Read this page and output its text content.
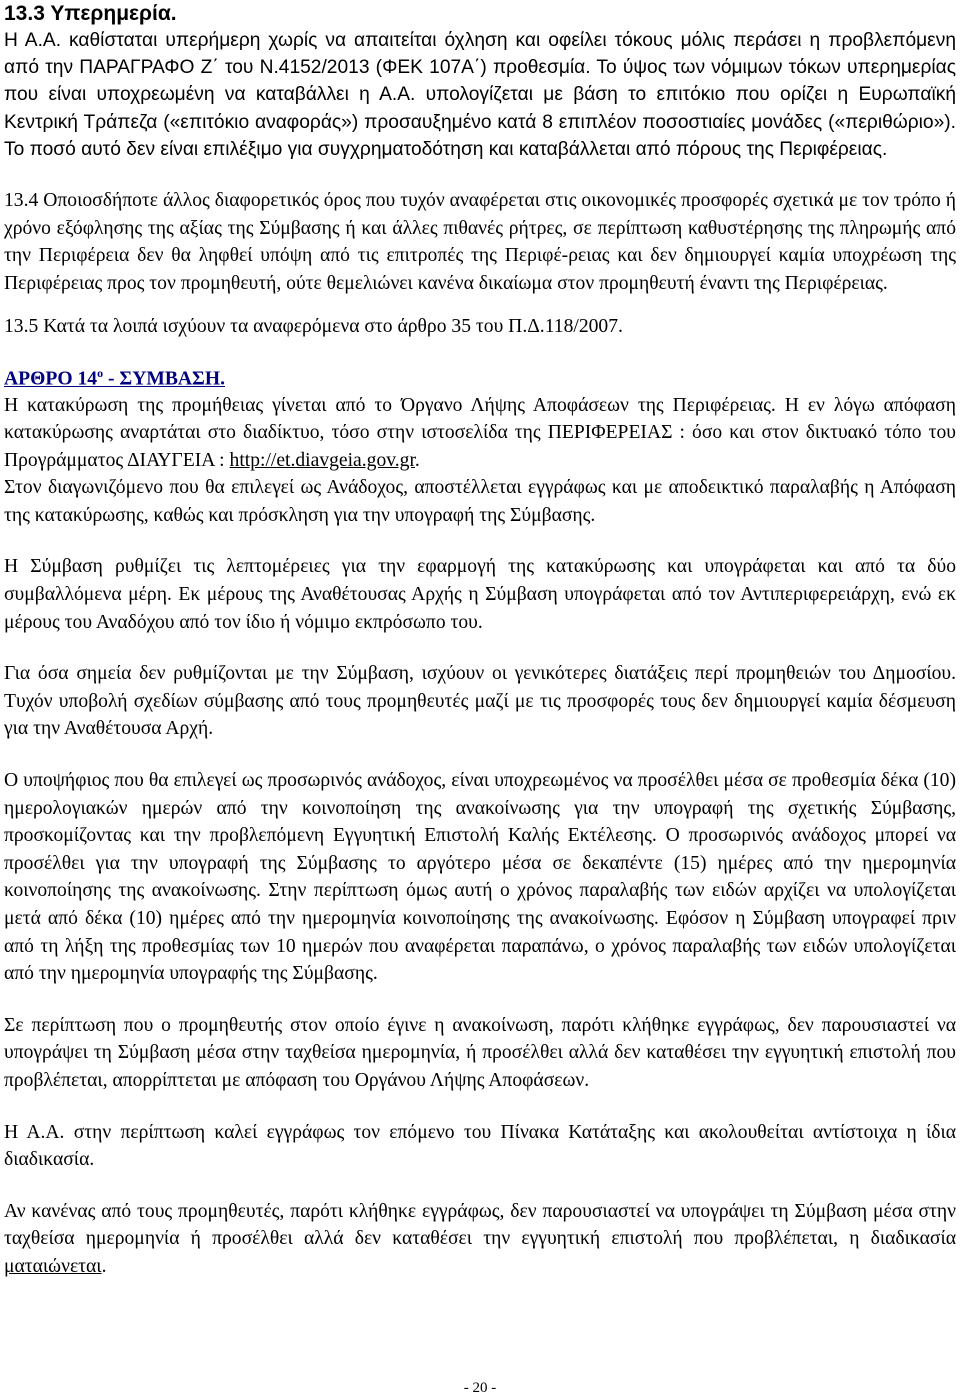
13.3 Υπερημερία.

Η Α.Α. καθίσταται υπερήμερη χωρίς να απαιτείται όχληση και οφείλει τόκους μόλις περάσει η προβλεπόμενη από την ΠΑΡΑΓΡΑΦΟ Ζ΄ του Ν.4152/2013 (ΦΕΚ 107Α΄) προθεσμία. Το ύψος των νόμιμων τόκων υπερημερίας που είναι υποχρεωμένη να καταβάλλει η Α.Α. υπολογίζεται με βάση το επιτόκιο που ορίζει η Ευρωπαϊκή Κεντρική Τράπεζα («επιτόκιο αναφοράς») προσαυξημένο κατά 8 επιπλέον ποσοστιαίες μονάδες («περιθώριο»). Το ποσό αυτό δεν είναι επιλέξιμο για συγχρηματοδότηση και καταβάλλεται από πόρους της Περιφέρειας.

13.4 Οποιοσδήποτε άλλος διαφορετικός όρος που τυχόν αναφέρεται στις οικονομικές προσφορές σχετικά με τον τρόπο ή χρόνο εξόφλησης της αξίας της Σύμβασης ή και άλλες πιθανές ρήτρες, σε περίπτωση καθυστέρησης της πληρωμής από την Περιφέρεια δεν θα ληφθεί υπόψη από τις επιτροπές της Περιφέ-ρειας και δεν δημιουργεί καμία υποχρέωση της Περιφέρειας προς τον προμηθευτή, ούτε θεμελιώνει κανένα δικαίωμα στον προμηθευτή έναντι της Περιφέρειας.

13.5 Κατά τα λοιπά ισχύουν τα αναφερόμενα στο άρθρο 35 του Π.Δ.118/2007.

ΑΡΘΡΟ $14^o$ - ΣΥΜΒΑΣΗ.

Η κατακύρωση της προμήθειας γίνεται από το Όργανο Λήψης Αποφάσεων της Περιφέρειας. Η εν λόγω απόφαση κατακύρωσης αναρτάται στο διαδίκτυο, τόσο στην ιστοσελίδα της ΠΕΡΙΦΕΡΕΙΑΣ : όσο και στον δικτυακό τόπο του Προγράμματος ΔΙΑΥΓΕΙΑ : http://et.diavgeia.gov.gr.

Στον διαγωνιζόμενο που θα επιλεγεί ως Ανάδοχος, αποστέλλεται εγγράφως και με αποδεικτικό παραλαβής η Απόφαση της κατακύρωσης, καθώς και πρόσκληση για την υπογραφή της Σύμβασης.

Η Σύμβαση ρυθμίζει τις λεπτομέρειες για την εφαρμογή της κατακύρωσης και υπογράφεται και από τα δύο συμβαλλόμενα μέρη. Εκ μέρους της Αναθέτουσας Αρχής η Σύμβαση υπογράφεται από τον Αντιπεριφερειάρχη, ενώ εκ μέρους του Αναδόχου από τον ίδιο ή νόμιμο εκπρόσωπο του.

Για όσα σημεία δεν ρυθμίζονται με την Σύμβαση, ισχύουν οι γενικότερες διατάξεις περί προμηθειών του Δημοσίου. Τυχόν υποβολή σχεδίων σύμβασης από τους προμηθευτές μαζί με τις προσφορές τους δεν δημιουργεί καμία δέσμευση για την Αναθέτουσα Αρχή.

Ο υποψήφιος που θα επιλεγεί ως προσωρινός ανάδοχος, είναι υποχρεωμένος να προσέλθει μέσα σε προθεσμία δέκα (10) ημερολογιακών ημερών από την κοινοποίηση της ανακοίνωσης για την υπογραφή της σχετικής Σύμβασης, προσκομίζοντας και την προβλεπόμενη Εγγυητική Επιστολή Καλής Εκτέλεσης. Ο προσωρινός ανάδοχος μπορεί να προσέλθει για την υπογραφή της Σύμβασης το αργότερο μέσα σε δεκαπέντε (15) ημέρες από την ημερομηνία κοινοποίησης της ανακοίνωσης. Στην περίπτωση όμως αυτή ο χρόνος παραλαβής των ειδών αρχίζει να υπολογίζεται μετά από δέκα (10) ημέρες από την ημερομηνία κοινοποίησης της ανακοίνωσης. Εφόσον η Σύμβαση υπογραφεί πριν από τη λήξη της προθεσμίας των 10 ημερών που αναφέρεται παραπάνω, ο χρόνος παραλαβής των ειδών υπολογίζεται από την ημερομηνία υπογραφής της Σύμβασης.

Σε περίπτωση που ο προμηθευτής στον οποίο έγινε η ανακοίνωση, παρότι κλήθηκε εγγράφως, δεν παρουσιαστεί να υπογράψει τη Σύμβαση μέσα στην ταχθείσα ημερομηνία, ή προσέλθει αλλά δεν καταθέσει την εγγυητική επιστολή που προβλέπεται, απορρίπτεται με απόφαση του Οργάνου Λήψης Αποφάσεων.

Η Α.Α. στην περίπτωση καλεί εγγράφως τον επόμενο του Πίνακα Κατάταξης και ακολουθείται αντίστοιχα η ίδια διαδικασία.

Αν κανένας από τους προμηθευτές, παρότι κλήθηκε εγγράφως, δεν παρουσιαστεί να υπογράψει τη Σύμβαση μέσα στην ταχθείσα ημερομηνία ή προσέλθει αλλά δεν καταθέσει την εγγυητική επιστολή που προβλέπεται, η διαδικασία ματαιώνεται.

- 20 -
